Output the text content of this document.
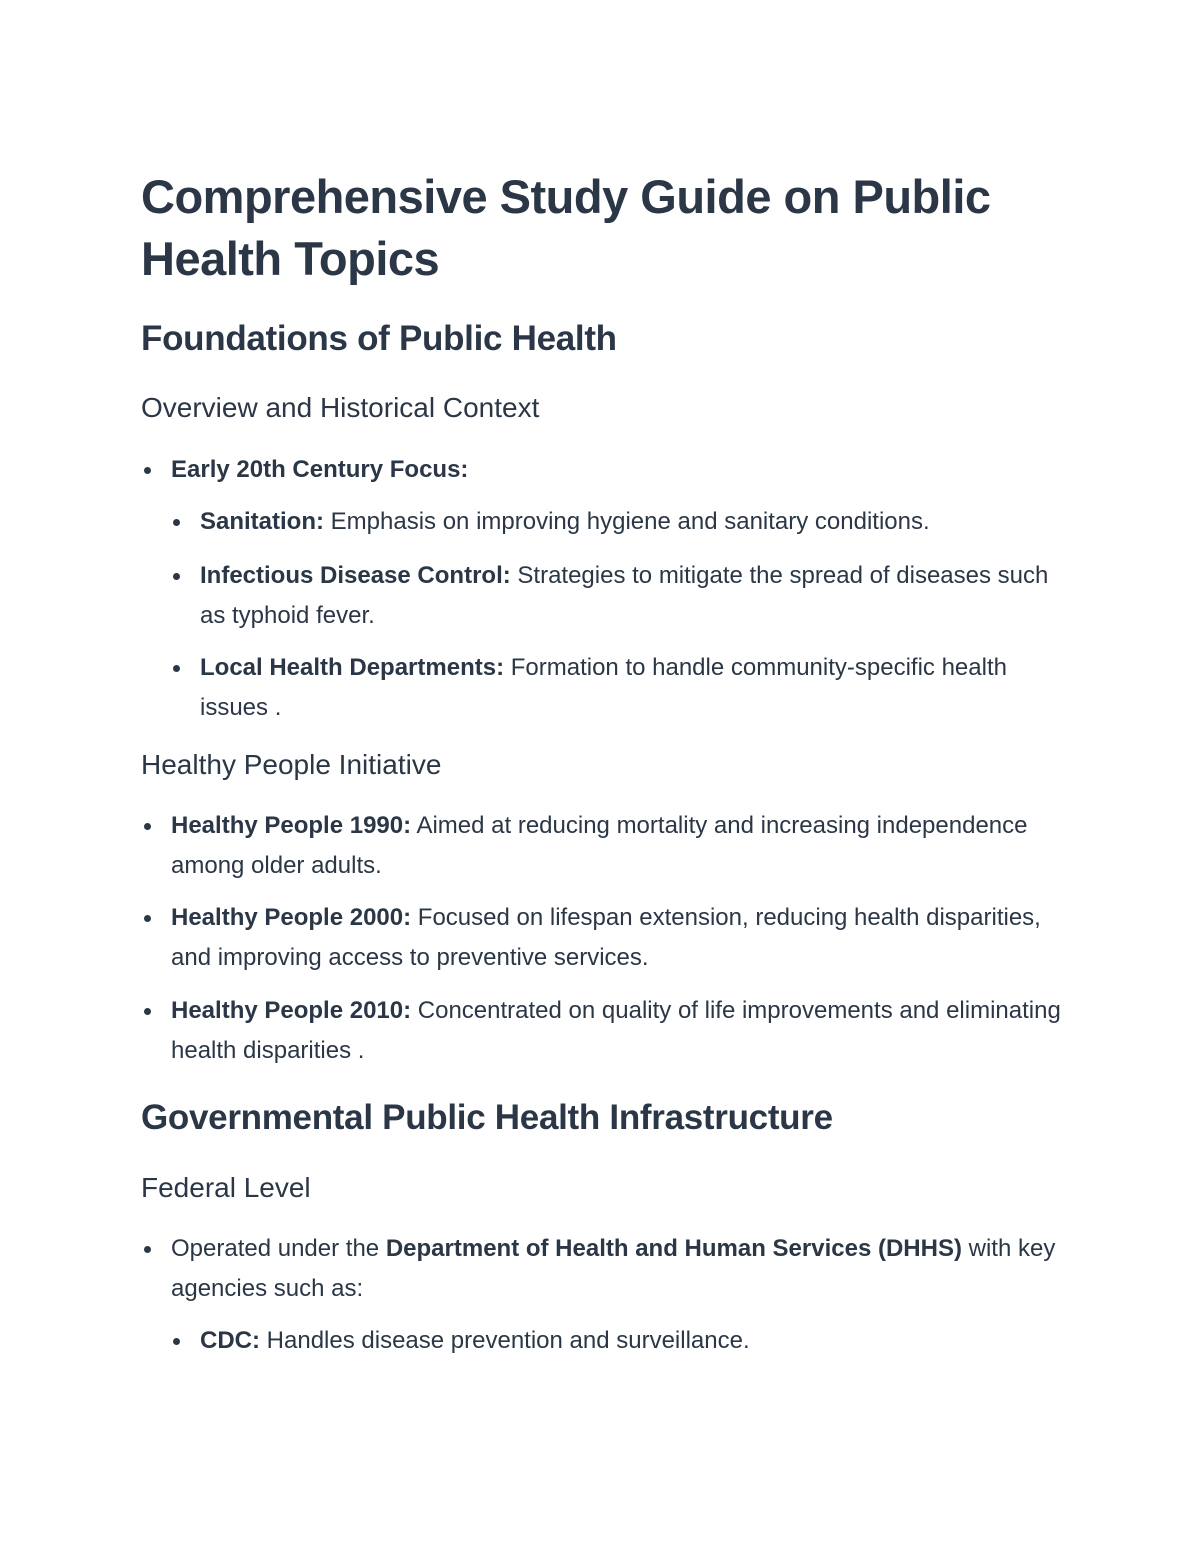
Comprehensive Study Guide on Public Health Topics
Foundations of Public Health
Overview and Historical Context
Early 20th Century Focus:
Sanitation: Emphasis on improving hygiene and sanitary conditions.
Infectious Disease Control: Strategies to mitigate the spread of diseases such as typhoid fever.
Local Health Departments: Formation to handle community-specific health issues .
Healthy People Initiative
Healthy People 1990: Aimed at reducing mortality and increasing independence among older adults.
Healthy People 2000: Focused on lifespan extension, reducing health disparities, and improving access to preventive services.
Healthy People 2010: Concentrated on quality of life improvements and eliminating health disparities .
Governmental Public Health Infrastructure
Federal Level
Operated under the Department of Health and Human Services (DHHS) with key agencies such as:
CDC: Handles disease prevention and surveillance.
